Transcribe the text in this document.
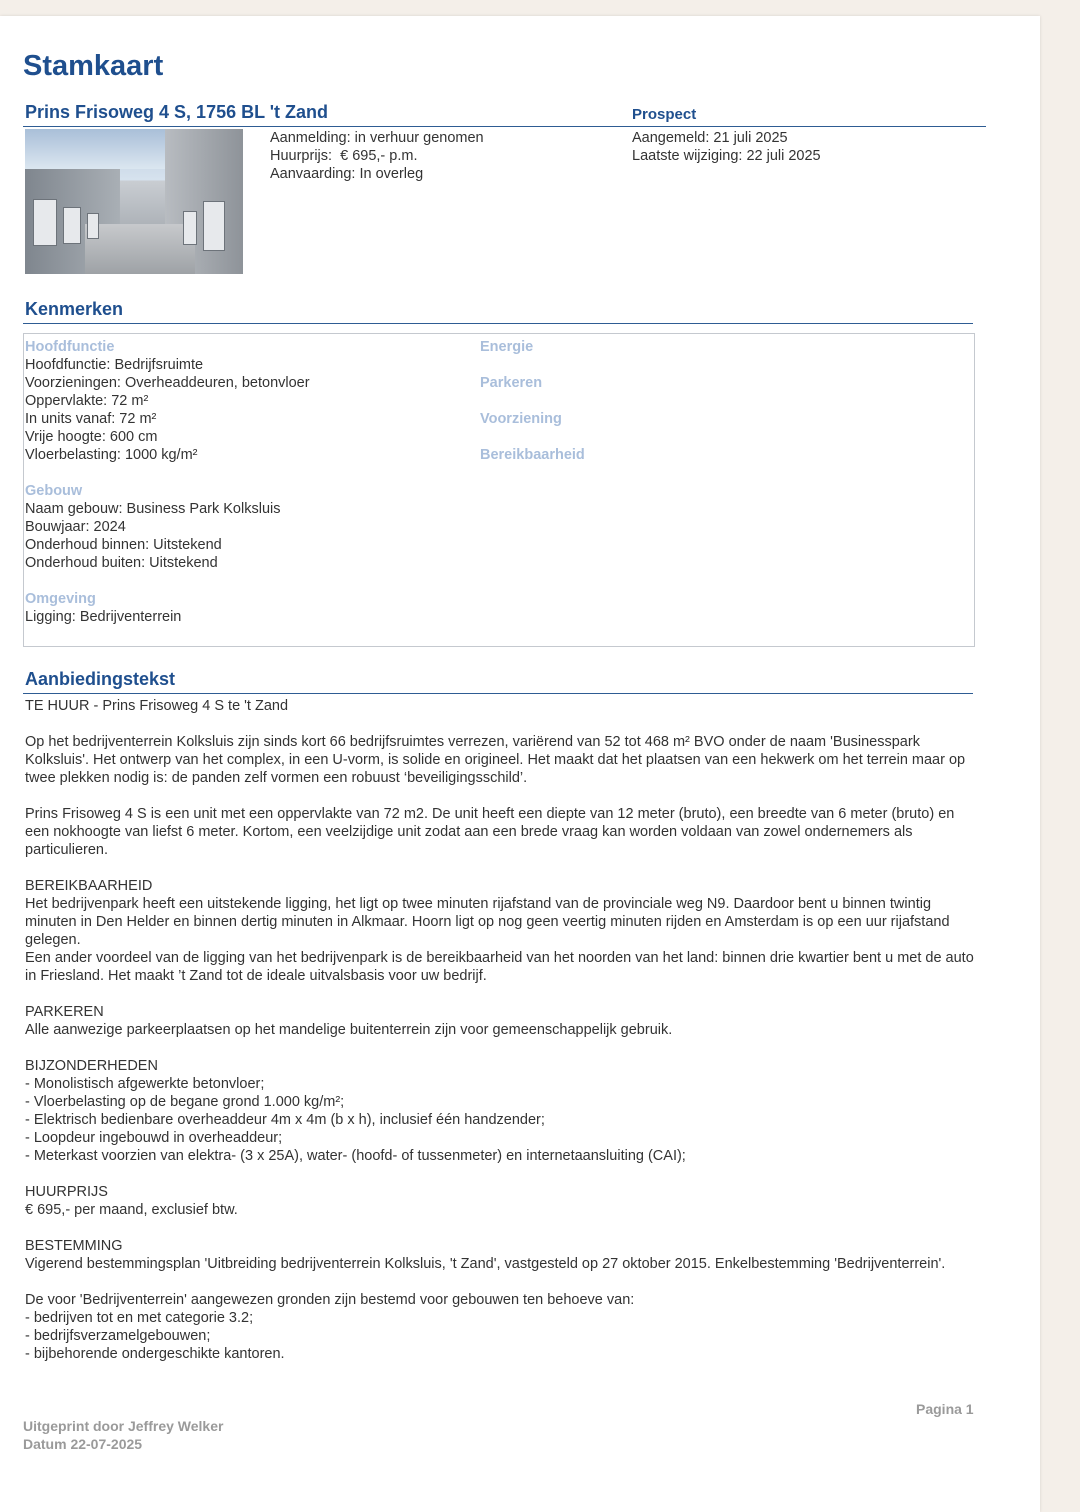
Stamkaart
Prins Frisoweg 4 S, 1756 BL 't Zand	Prospect
Aanmelding: in verhuur genomen
Huurprijs:  € 695,- p.m.
Aanvaarding: In overleg
Aangemeld: 21 juli 2025
Laatste wijziging: 22 juli 2025
Kenmerken
Hoofdfunctie
Hoofdfunctie: Bedrijfsruimte
Voorzieningen: Overheaddeuren, betonvloer
Oppervlakte: 72 m²
In units vanaf: 72 m²
Vrije hoogte: 600 cm
Vloerbelasting: 1000 kg/m²
Gebouw
Naam gebouw: Business Park Kolksluis
Bouwjaar: 2024
Onderhoud binnen: Uitstekend
Onderhoud buiten: Uitstekend
Omgeving
Ligging: Bedrijventerrein
Energie
Parkeren
Voorziening
Bereikbaarheid
Aanbiedingstekst
TE HUUR - Prins Frisoweg 4 S te 't Zand

Op het bedrijventerrein Kolksluis zijn sinds kort 66 bedrijfsruimtes verrezen, variërend van 52 tot 468 m² BVO onder de naam 'Businesspark Kolksluis'. Het ontwerp van het complex, in een U-vorm, is solide en origineel. Het maakt dat het plaatsen van een hekwerk om het terrein maar op twee plekken nodig is: de panden zelf vormen een robuust ‘beveiligingsschild’.

Prins Frisoweg 4 S is een unit met een oppervlakte van 72 m2. De unit heeft een diepte van 12 meter (bruto), een breedte van 6 meter (bruto) en een nokhoogte van liefst 6 meter. Kortom, een veelzijdige unit zodat aan een brede vraag kan worden voldaan van zowel ondernemers als particulieren.

BEREIKBAARHEID
Het bedrijvenpark heeft een uitstekende ligging, het ligt op twee minuten rijafstand van de provinciale weg N9. Daardoor bent u binnen twintig minuten in Den Helder en binnen dertig minuten in Alkmaar. Hoorn ligt op nog geen veertig minuten rijden en Amsterdam is op een uur rijafstand gelegen.
Een ander voordeel van de ligging van het bedrijvenpark is de bereikbaarheid van het noorden van het land: binnen drie kwartier bent u met de auto in Friesland. Het maakt ’t Zand tot de ideale uitvalsbasis voor uw bedrijf.

PARKEREN
Alle aanwezige parkeerplaatsen op het mandelige buitenterrein zijn voor gemeenschappelijk gebruik.

BIJZONDERHEDEN
- Monolistisch afgewerkte betonvloer;
- Vloerbelasting op de begane grond 1.000 kg/m²;
- Elektrisch bedienbare overheaddeur 4m x 4m (b x h), inclusief één handzender;
- Loopdeur ingebouwd in overheaddeur;
- Meterkast voorzien van elektra- (3 x 25A), water- (hoofd- of tussenmeter) en internetaansluiting (CAI);

HUURPRIJS
€ 695,- per maand, exclusief btw.

BESTEMMING
Vigerend bestemmingsplan 'Uitbreiding bedrijventerrein Kolksluis, 't Zand', vastgesteld op 27 oktober 2015. Enkelbestemming 'Bedrijventerrein'.

De voor 'Bedrijventerrein' aangewezen gronden zijn bestemd voor gebouwen ten behoeve van:
- bedrijven tot en met categorie 3.2;
- bedrijfsverzamelgebouwen;
- bijbehorende ondergeschikte kantoren.
Pagina 1
Uitgeprint door Jeffrey Welker
Datum 22-07-2025
